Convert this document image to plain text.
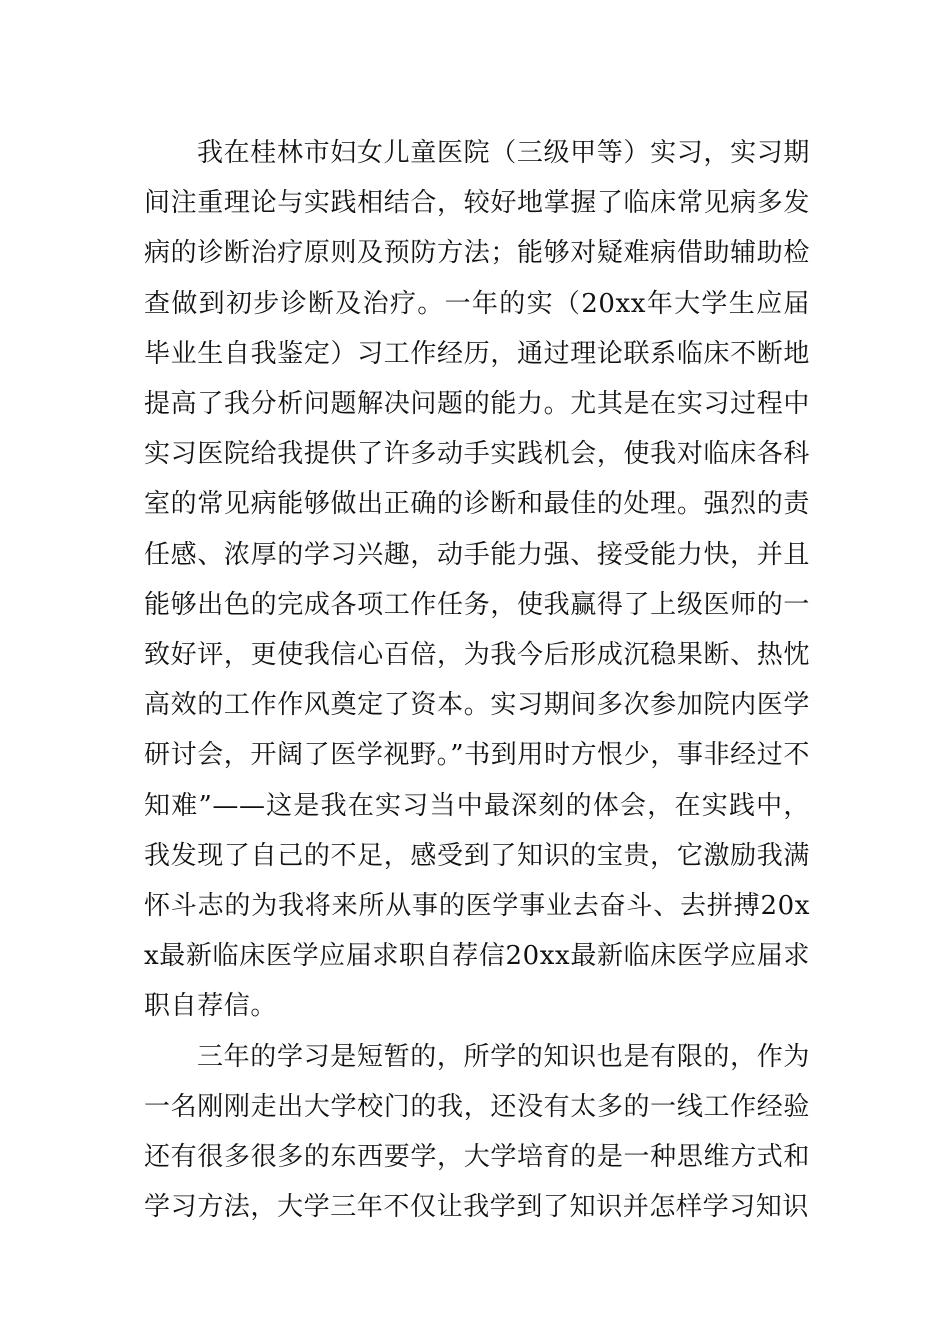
我在桂林市妇女儿童医院（三级甲等）实习，实习期间注重理论与实践相结合，较好地掌握了临床常见病多发病的诊断治疗原则及预防方法；能够对疑难病借助辅助检查做到初步诊断及治疗。一年的实（20xx年大学生应届毕业生自我鉴定）习工作经历，通过理论联系临床不断地提高了我分析问题解决问题的能力。尤其是在实习过程中实习医院给我提供了许多动手实践机会，使我对临床各科室的常见病能够做出正确的诊断和最佳的处理。强烈的责任感、浓厚的学习兴趣，动手能力强、接受能力快，并且能够出色的完成各项工作任务，使我赢得了上级医师的一致好评，更使我信心百倍，为我今后形成沉稳果断、热忱高效的工作作风奠定了资本。实习期间多次参加院内医学研讨会，开阔了医学视野。”书到用时方恨少，事非经过不知难”——这是我在实习当中最深刻的体会，在实践中，我发现了自己的不足，感受到了知识的宝贵，它激励我满怀斗志的为我将来所从事的医学事业去奋斗、去拼搏20xx最新临床医学应届求职自荐信20xx最新临床医学应届求职自荐信。

三年的学习是短暂的，所学的知识也是有限的，作为一名刚刚走出大学校门的我，还没有太多的一线工作经验还有很多很多的东西要学，大学培育的是一种思维方式和学习方法，大学三年不仅让我学到了知识并怎样学习知识
